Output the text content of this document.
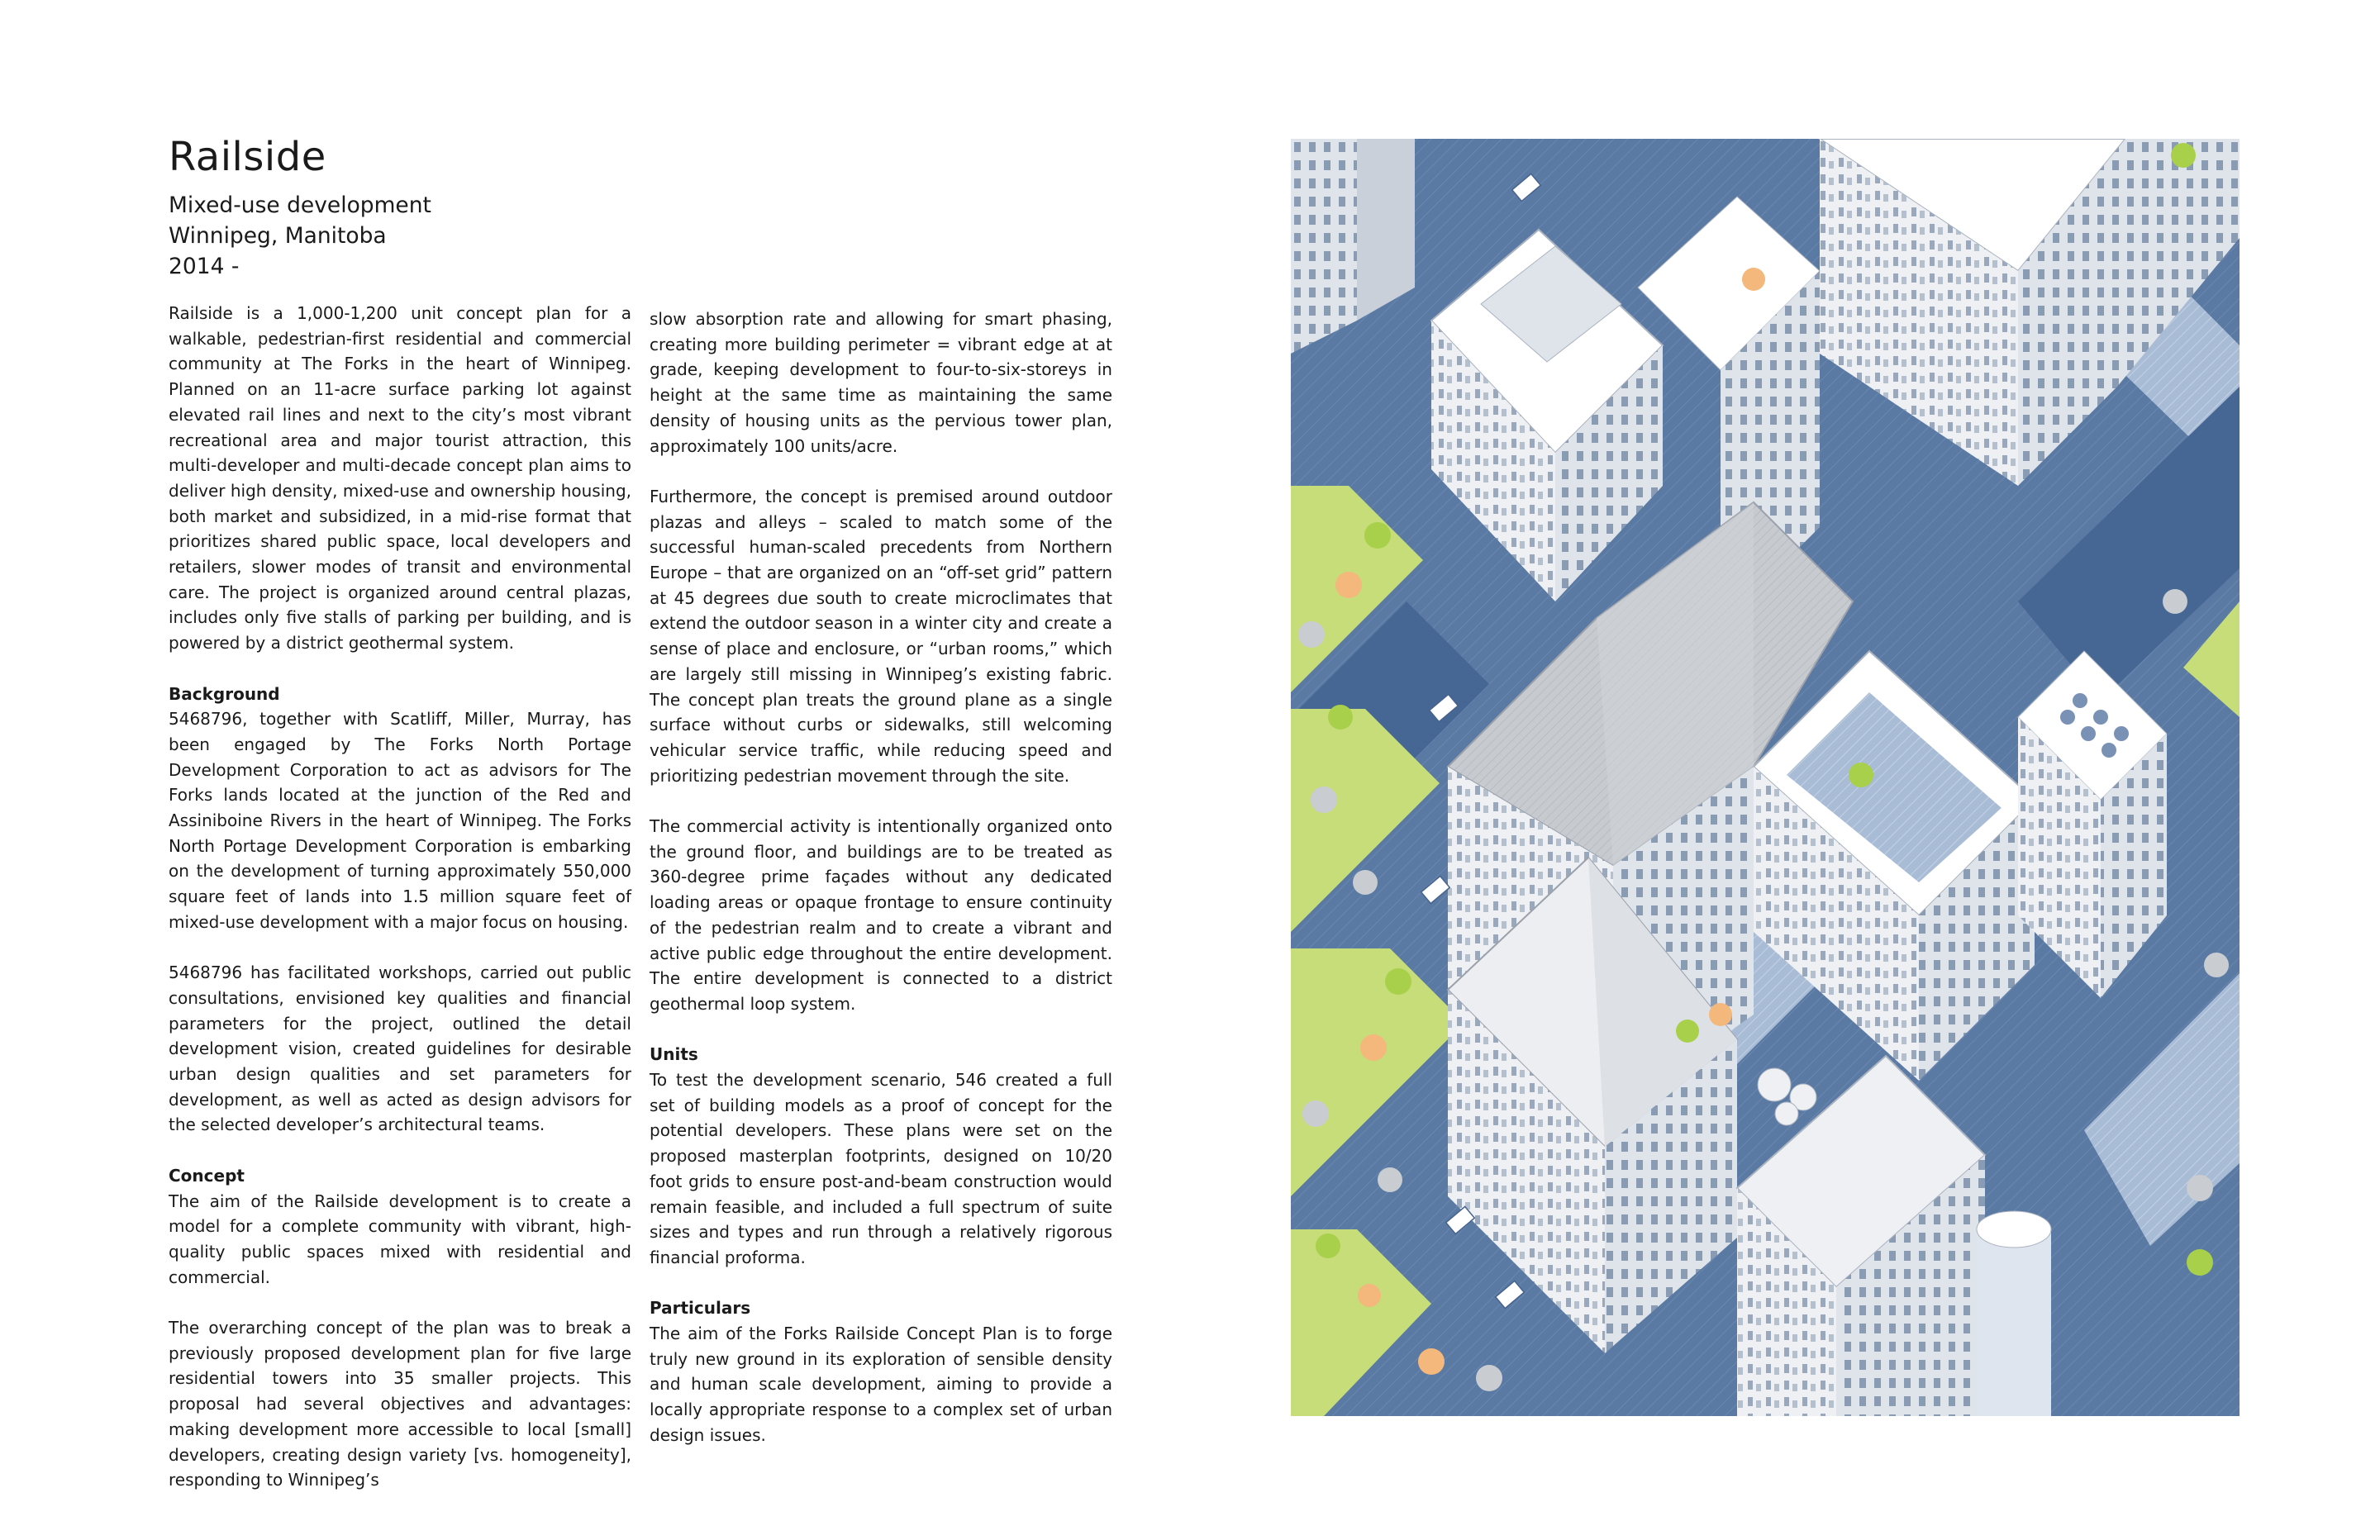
Railside
Mixed-use development
Winnipeg, Manitoba
2014 -

Railside is a 1,000-1,200 unit concept plan for a walkable, pedestrian-first residential and commercial community at The Forks in the heart of Winnipeg. Planned on an 11-acre surface parking lot against elevated rail lines and next to the city’s most vibrant recreational area and major tourist attraction, this multi-developer and multi-decade concept plan aims to deliver high density, mixed-use and ownership housing, both market and subsidized, in a mid-rise format that prioritizes shared public space, local developers and retailers, slower modes of transit and environmental care. The project is organized around central plazas, includes only five stalls of parking per building, and is powered by a district geothermal system.

Background

5468796, together with Scatliff, Miller, Murray, has been engaged by The Forks North Portage Development Corporation to act as advisors for The Forks lands located at the junction of the Red and Assiniboine Rivers in the heart of Winnipeg. The Forks North Portage Development Corporation is embarking on the development of turning approximately 550,000 square feet of lands into 1.5 million square feet of mixed-use development with a major focus on housing.

5468796 has facilitated workshops, carried out public consultations, envisioned key qualities and financial parameters for the project, outlined the detail development vision, created guidelines for desirable urban design qualities and set parameters for development, as well as acted as design advisors for the selected developer’s architectural teams.

Concept

The aim of the Railside development is to create a model for a complete community with vibrant, high-quality public spaces mixed with residential and commercial.

The overarching concept of the plan was to break a previously proposed development plan for five large residential towers into 35 smaller projects. This proposal had several objectives and advantages: making development more accessible to local [small] developers, creating design variety [vs. homogeneity], responding to Winnipeg’s

slow absorption rate and allowing for smart phasing, creating more building perimeter = vibrant edge at at grade, keeping development to four-to-six-storeys in height at the same time as maintaining the same density of housing units as the pervious tower plan, approximately 100 units/acre.

Furthermore, the concept is premised around outdoor plazas and alleys – scaled to match some of the successful human-scaled precedents from Northern Europe – that are organized on an “off-set grid” pattern at 45 degrees due south to create microclimates that extend the outdoor season in a winter city and create a sense of place and enclosure, or “urban rooms,” which are largely still missing in Winnipeg’s existing fabric. The concept plan treats the ground plane as a single surface without curbs or sidewalks, still welcoming vehicular service traffic, while reducing speed and prioritizing pedestrian movement through the site.

The commercial activity is intentionally organized onto the ground floor, and buildings are to be treated as 360-degree prime façades without any dedicated loading areas or opaque frontage to ensure continuity of the pedestrian realm and to create a vibrant and active public edge throughout the entire development. The entire development is connected to a district geothermal loop system.

Units

To test the development scenario, 546 created a full set of building models as a proof of concept for the potential developers. These plans were set on the proposed masterplan footprints, designed on 10/20 foot grids to ensure post-and-beam construction would remain feasible, and included a full spectrum of suite sizes and types and run through a relatively rigorous financial proforma.

Particulars

The aim of the Forks Railside Concept Plan is to forge truly new ground in its exploration of sensible density and human scale development, aiming to provide a locally appropriate response to a complex set of urban design issues.
